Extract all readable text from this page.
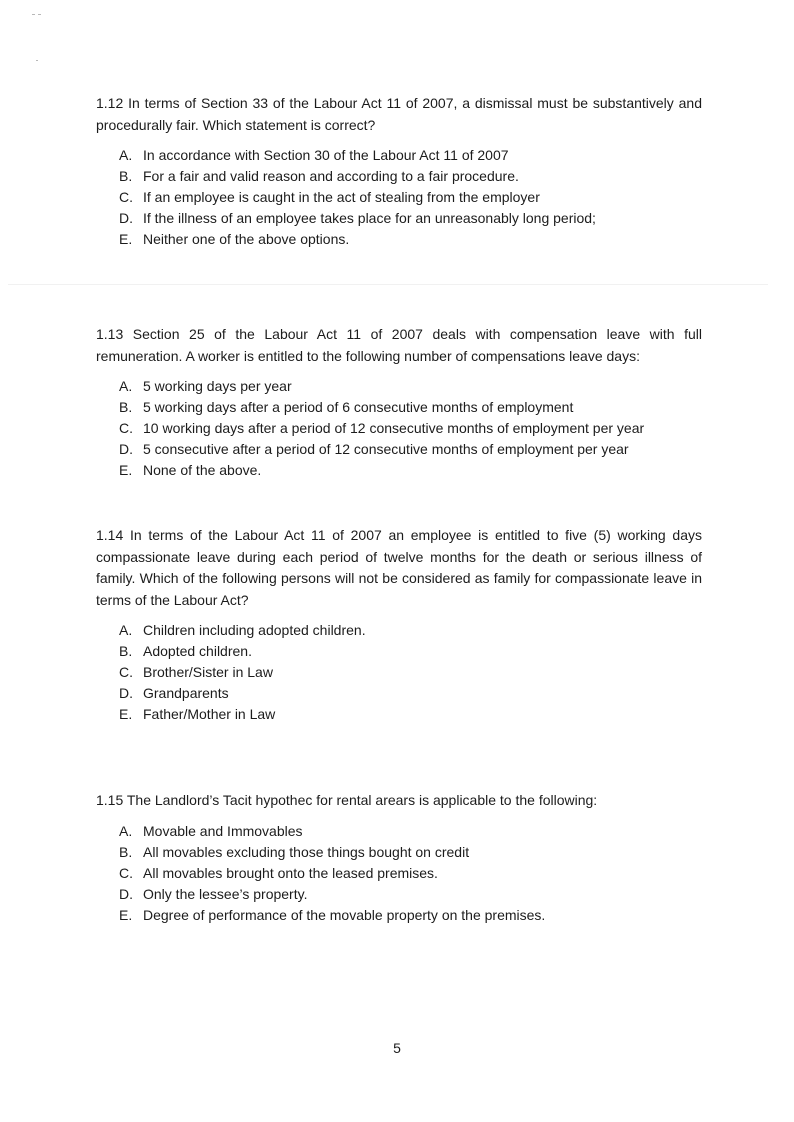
1.12 In terms of Section 33 of the Labour Act 11 of 2007, a dismissal must be substantively and procedurally fair. Which statement is correct?

A. In accordance with Section 30 of the Labour Act 11 of 2007
B. For a fair and valid reason and according to a fair procedure.
C. If an employee is caught in the act of stealing from the employer
D. If the illness of an employee takes place for an unreasonably long period;
E. Neither one of the above options.

1.13 Section 25 of the Labour Act 11 of 2007 deals with compensation leave with full remuneration. A worker is entitled to the following number of compensations leave days:

A. 5 working days per year
B. 5 working days after a period of 6 consecutive months of employment
C. 10 working days after a period of 12 consecutive months of employment per year
D. 5 consecutive after a period of 12 consecutive months of employment per year
E. None of the above.

1.14 In terms of the Labour Act 11 of 2007 an employee is entitled to five (5) working days compassionate leave during each period of twelve months for the death or serious illness of family. Which of the following persons will not be considered as family for compassionate leave in terms of the Labour Act?

A. Children including adopted children.
B. Adopted children.
C. Brother/Sister in Law
D. Grandparents
E. Father/Mother in Law

1.15 The Landlord’s Tacit hypothec for rental arears is applicable to the following:

A. Movable and Immovables
B. All movables excluding those things bought on credit
C. All movables brought onto the leased premises.
D. Only the lessee’s property.
E. Degree of performance of the movable property on the premises.
5
